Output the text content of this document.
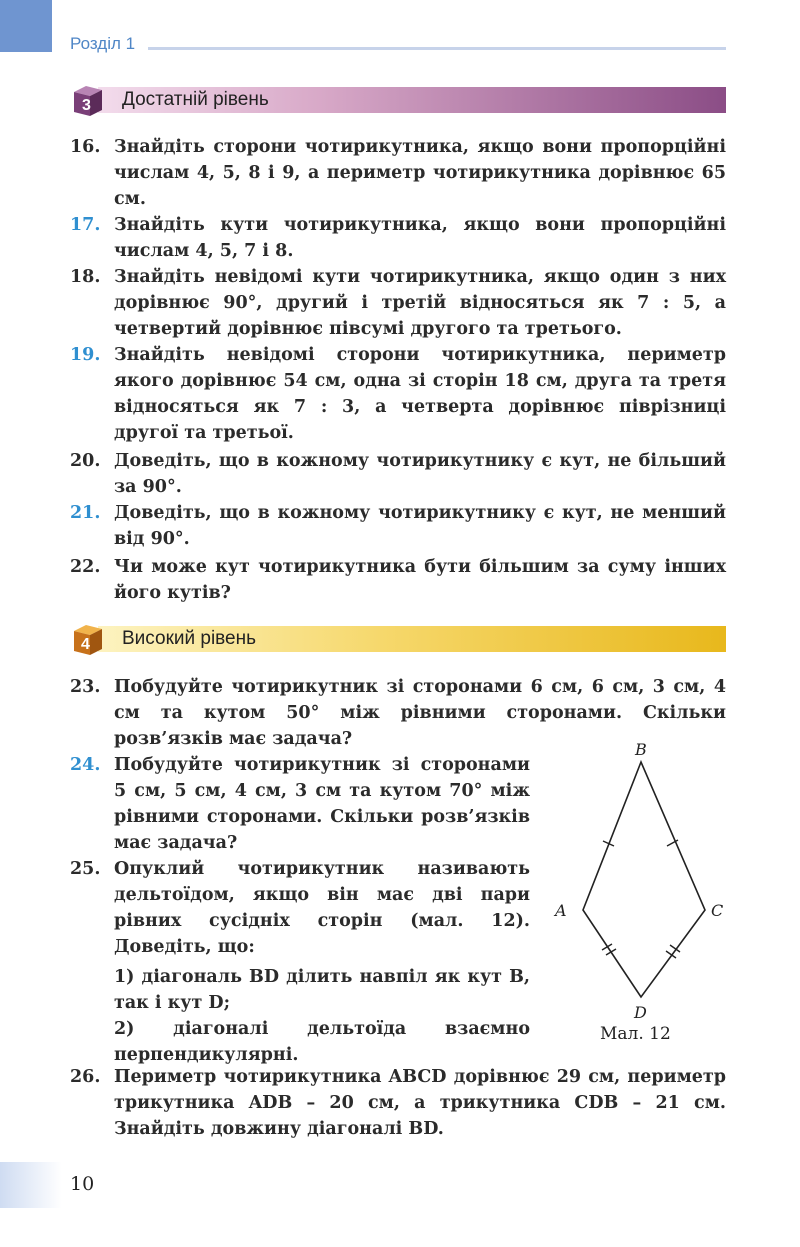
Розділ 1
3 Достатній рівень
16. Знайдіть сторони чотирикутника, якщо вони пропорційні числам 4, 5, 8 і 9, а периметр чотирикутника дорівнює 65 см.

17. Знайдіть кути чотирикутника, якщо вони пропорційні числам 4, 5, 7 і 8.

18. Знайдіть невідомі кути чотирикутника, якщо один з них дорівнює 90°, другий і третій відносяться як 7 : 5, а четвертий дорівнює півсумі другого та третього.

19. Знайдіть невідомі сторони чотирикутника, периметр якого дорівнює 54 см, одна зі сторін 18 см, друга та третя відносяться як 7 : 3, а четверта дорівнює піврізниці другої та третьої.

20. Доведіть, що в кожному чотирикутнику є кут, не більший за 90°.

21. Доведіть, що в кожному чотирикутнику є кут, не менший від 90°.

22. Чи може кут чотирикутника бути більшим за суму інших його кутів?

4 Високий рівень
23. Побудуйте чотирикутник зі сторонами 6 см, 6 см, 3 см, 4 см та кутом 50° між рівними сторонами. Скільки розв’язків має задача?

24. Побудуйте чотирикутник зі сторонами 5 см, 5 см, 4 см, 3 см та кутом 70° між рівними сторонами. Скільки розв’язків має задача?

25. Опуклий чотирикутник називають дельтоїдом, якщо він має дві пари рівних сусідніх сторін (мал. 12). Доведіть, що:

1) діагональ BD ділить навпіл як кут B, так і кут D;

2) діагоналі дельтоїда взаємно перпендикулярні.

26. Периметр чотирикутника ABCD дорівнює 29 см, периметр трикутника ADB – 20 см, а трикутника CDB – 21 см. Знайдіть довжину діагоналі BD.

B
A	C
D
Мал. 12
10
